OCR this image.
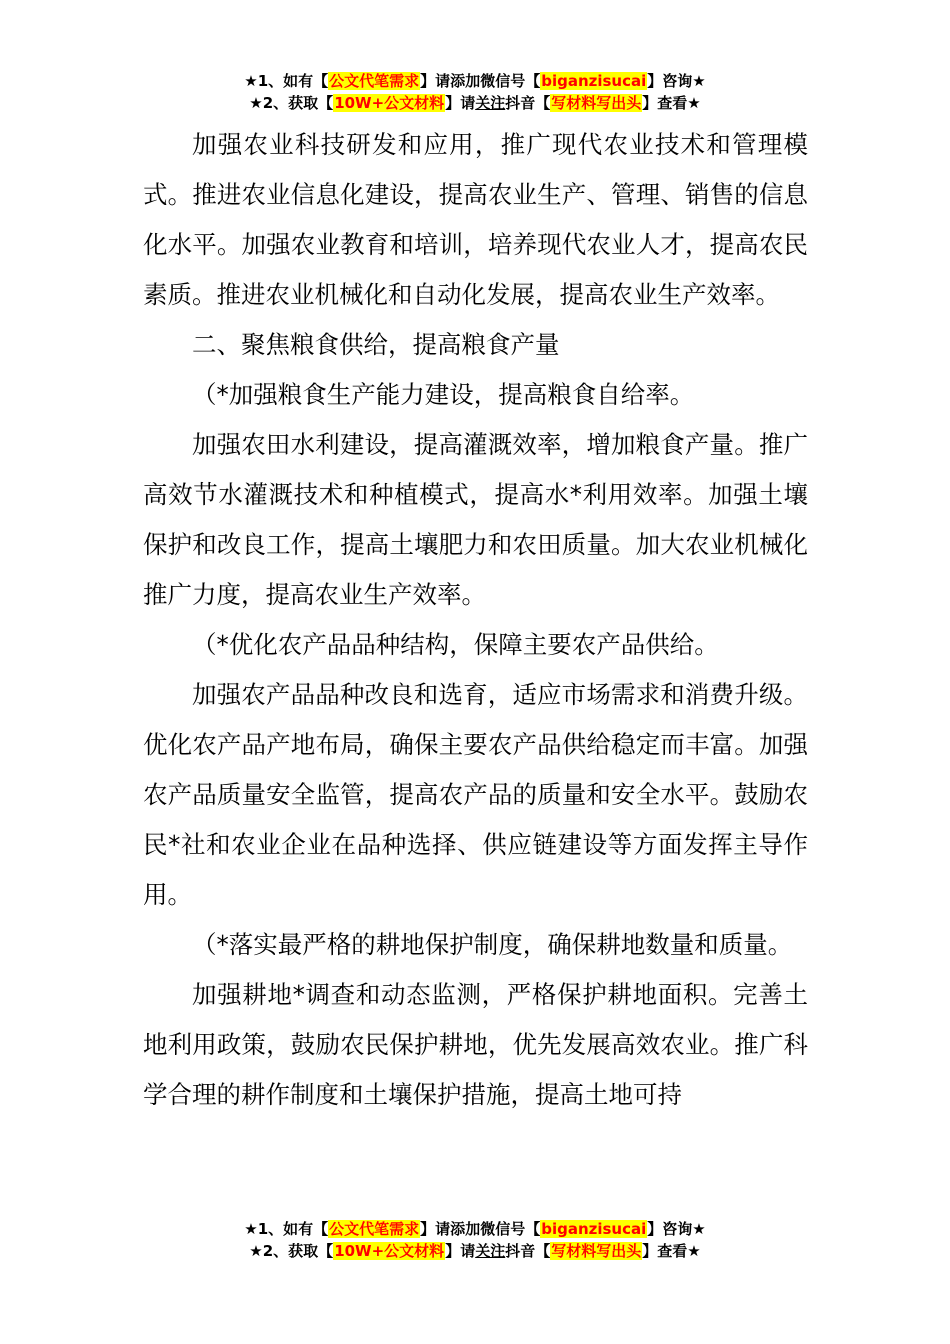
★1、如有【公文代笔需求】请添加微信号【biganzisucai】咨询★
★2、获取【10W+公文材料】请关注抖音【写材料写出头】查看★

加强农业科技研发和应用，推广现代农业技术和管理模式。推进农业信息化建设，提高农业生产、管理、销售的信息化水平。加强农业教育和培训，培养现代农业人才，提高农民素质。推进农业机械化和自动化发展，提高农业生产效率。

二、聚焦粮食供给，提高粮食产量

（*加强粮食生产能力建设，提高粮食自给率。

加强农田水利建设，提高灌溉效率，增加粮食产量。推广高效节水灌溉技术和种植模式，提高水*利用效率。加强土壤保护和改良工作，提高土壤肥力和农田质量。加大农业机械化推广力度，提高农业生产效率。

（*优化农产品品种结构，保障主要农产品供给。

加强农产品品种改良和选育，适应市场需求和消费升级。优化农产品产地布局，确保主要农产品供给稳定而丰富。加强农产品质量安全监管，提高农产品的质量和安全水平。鼓励农民*社和农业企业在品种选择、供应链建设等方面发挥主导作用。

（*落实最严格的耕地保护制度，确保耕地数量和质量。

加强耕地*调查和动态监测，严格保护耕地面积。完善土地利用政策，鼓励农民保护耕地，优先发展高效农业。推广科学合理的耕作制度和土壤保护措施，提高土地可持

★1、如有【公文代笔需求】请添加微信号【biganzisucai】咨询★
★2、获取【10W+公文材料】请关注抖音【写材料写出头】查看★
